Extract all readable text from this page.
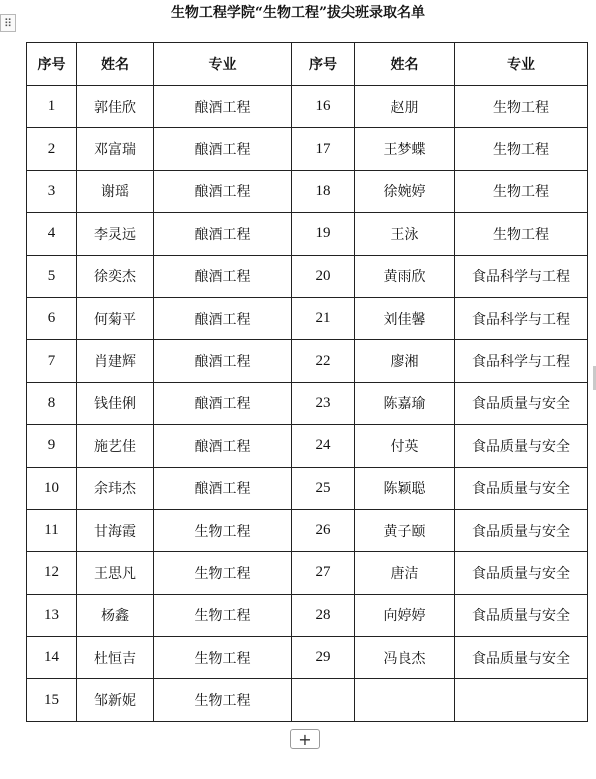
⠿
生物工程学院“生物工程”拔尖班录取名单
序号	姓名	专业	序号	姓名	专业
1	郭佳欣	酿酒工程	16	赵朋	生物工程
2	邓富瑞	酿酒工程	17	王梦蝶	生物工程
3	谢瑶	酿酒工程	18	徐婉婷	生物工程
4	李灵远	酿酒工程	19	王泳	生物工程
5	徐奕杰	酿酒工程	20	黄雨欣	食品科学与工程
6	何菊平	酿酒工程	21	刘佳馨	食品科学与工程
7	肖建辉	酿酒工程	22	廖湘	食品科学与工程
8	钱佳俐	酿酒工程	23	陈嘉瑜	食品质量与安全
9	施艺佳	酿酒工程	24	付英	食品质量与安全
10	余玮杰	酿酒工程	25	陈颖聪	食品质量与安全
11	甘海霞	生物工程	26	黄子颐	食品质量与安全
12	王思凡	生物工程	27	唐洁	食品质量与安全
13	杨鑫	生物工程	28	向婷婷	食品质量与安全
14	杜恒吉	生物工程	29	冯良杰	食品质量与安全
15	邹新妮	生物工程			
+
